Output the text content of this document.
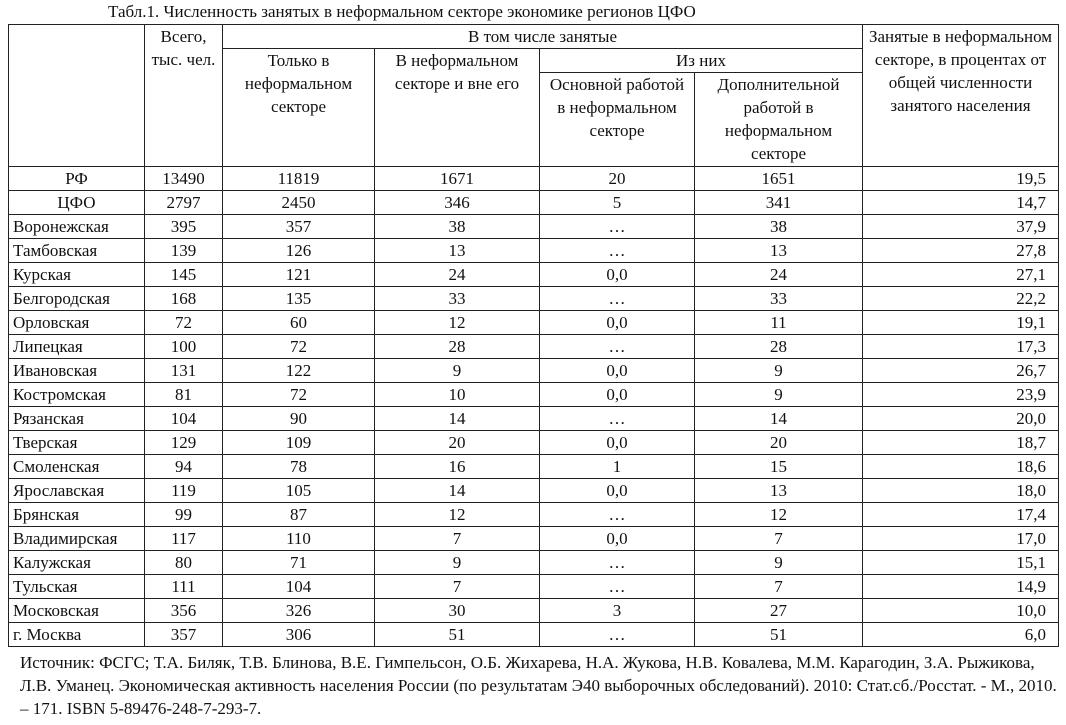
Табл.1. Численность занятых в неформальном секторе экономике регионов ЦФО
	Всего, тыс. чел.	В том числе занятые				Занятые в неформальном секторе, в процентах от общей численности занятого населения
		Только в неформальном секторе	В неформальном секторе и вне его	Из них		
				Основной работой в неформальном секторе	Дополнительной работой в неформальном секторе	
РФ	13490	11819	1671	20	1651	19,5
ЦФО	2797	2450	346	5	341	14,7
Воронежская	395	357	38	…	38	37,9
Тамбовская	139	126	13	…	13	27,8
Курская	145	121	24	0,0	24	27,1
Белгородская	168	135	33	…	33	22,2
Орловская	72	60	12	0,0	11	19,1
Липецкая	100	72	28	…	28	17,3
Ивановская	131	122	9	0,0	9	26,7
Костромская	81	72	10	0,0	9	23,9
Рязанская	104	90	14	…	14	20,0
Тверская	129	109	20	0,0	20	18,7
Смоленская	94	78	16	1	15	18,6
Ярославская	119	105	14	0,0	13	18,0
Брянская	99	87	12	…	12	17,4
Владимирская	117	110	7	0,0	7	17,0
Калужская	80	71	9	…	9	15,1
Тульская	111	104	7	…	7	14,9
Московская	356	326	30	3	27	10,0
г. Москва	357	306	51	…	51	6,0
Источник: ФСГС; Т.А. Биляк, Т.В. Блинова, В.Е. Гимпельсон, О.Б. Жихарева, Н.А. Жукова, Н.В. Ковалева, М.М. Карагодин, З.А. Рыжикова, Л.В. Уманец. Экономическая активность населения России (по результатам Э40 выборочных обследований). 2010: Стат.сб./Росстат. - М., 2010. – 171. ISBN 5-89476-248-7-293-7.
